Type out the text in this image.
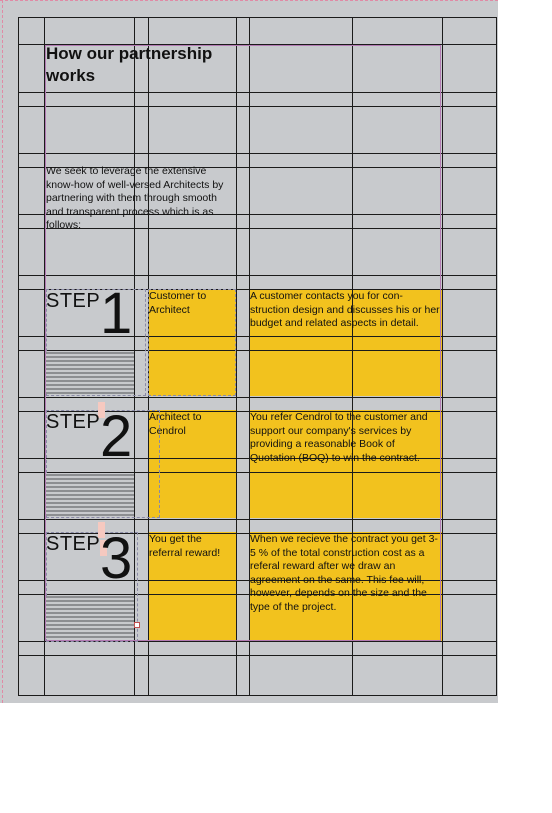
How our partnership works
We seek to leverage the extensive know-how of well-versed Architects by partnering with them through smooth and transparent process which is as follows:
STEP 1 Customer to Architect
A customer contacts you for con-struction design and discusses his or her budget and related aspects in detail.
STEP 2 Architect to Cendrol
You refer Cendrol to the customer and support our company's services by providing a reasonable Book of Quotation (BOQ) to win the contract.
STEP 3 You get the referral reward!
When we recieve the contract you get 3-5 % of the total construction cost as a referal reward after we draw an agreement on the same. This fee will, however, depends on the size and the type of the project.
